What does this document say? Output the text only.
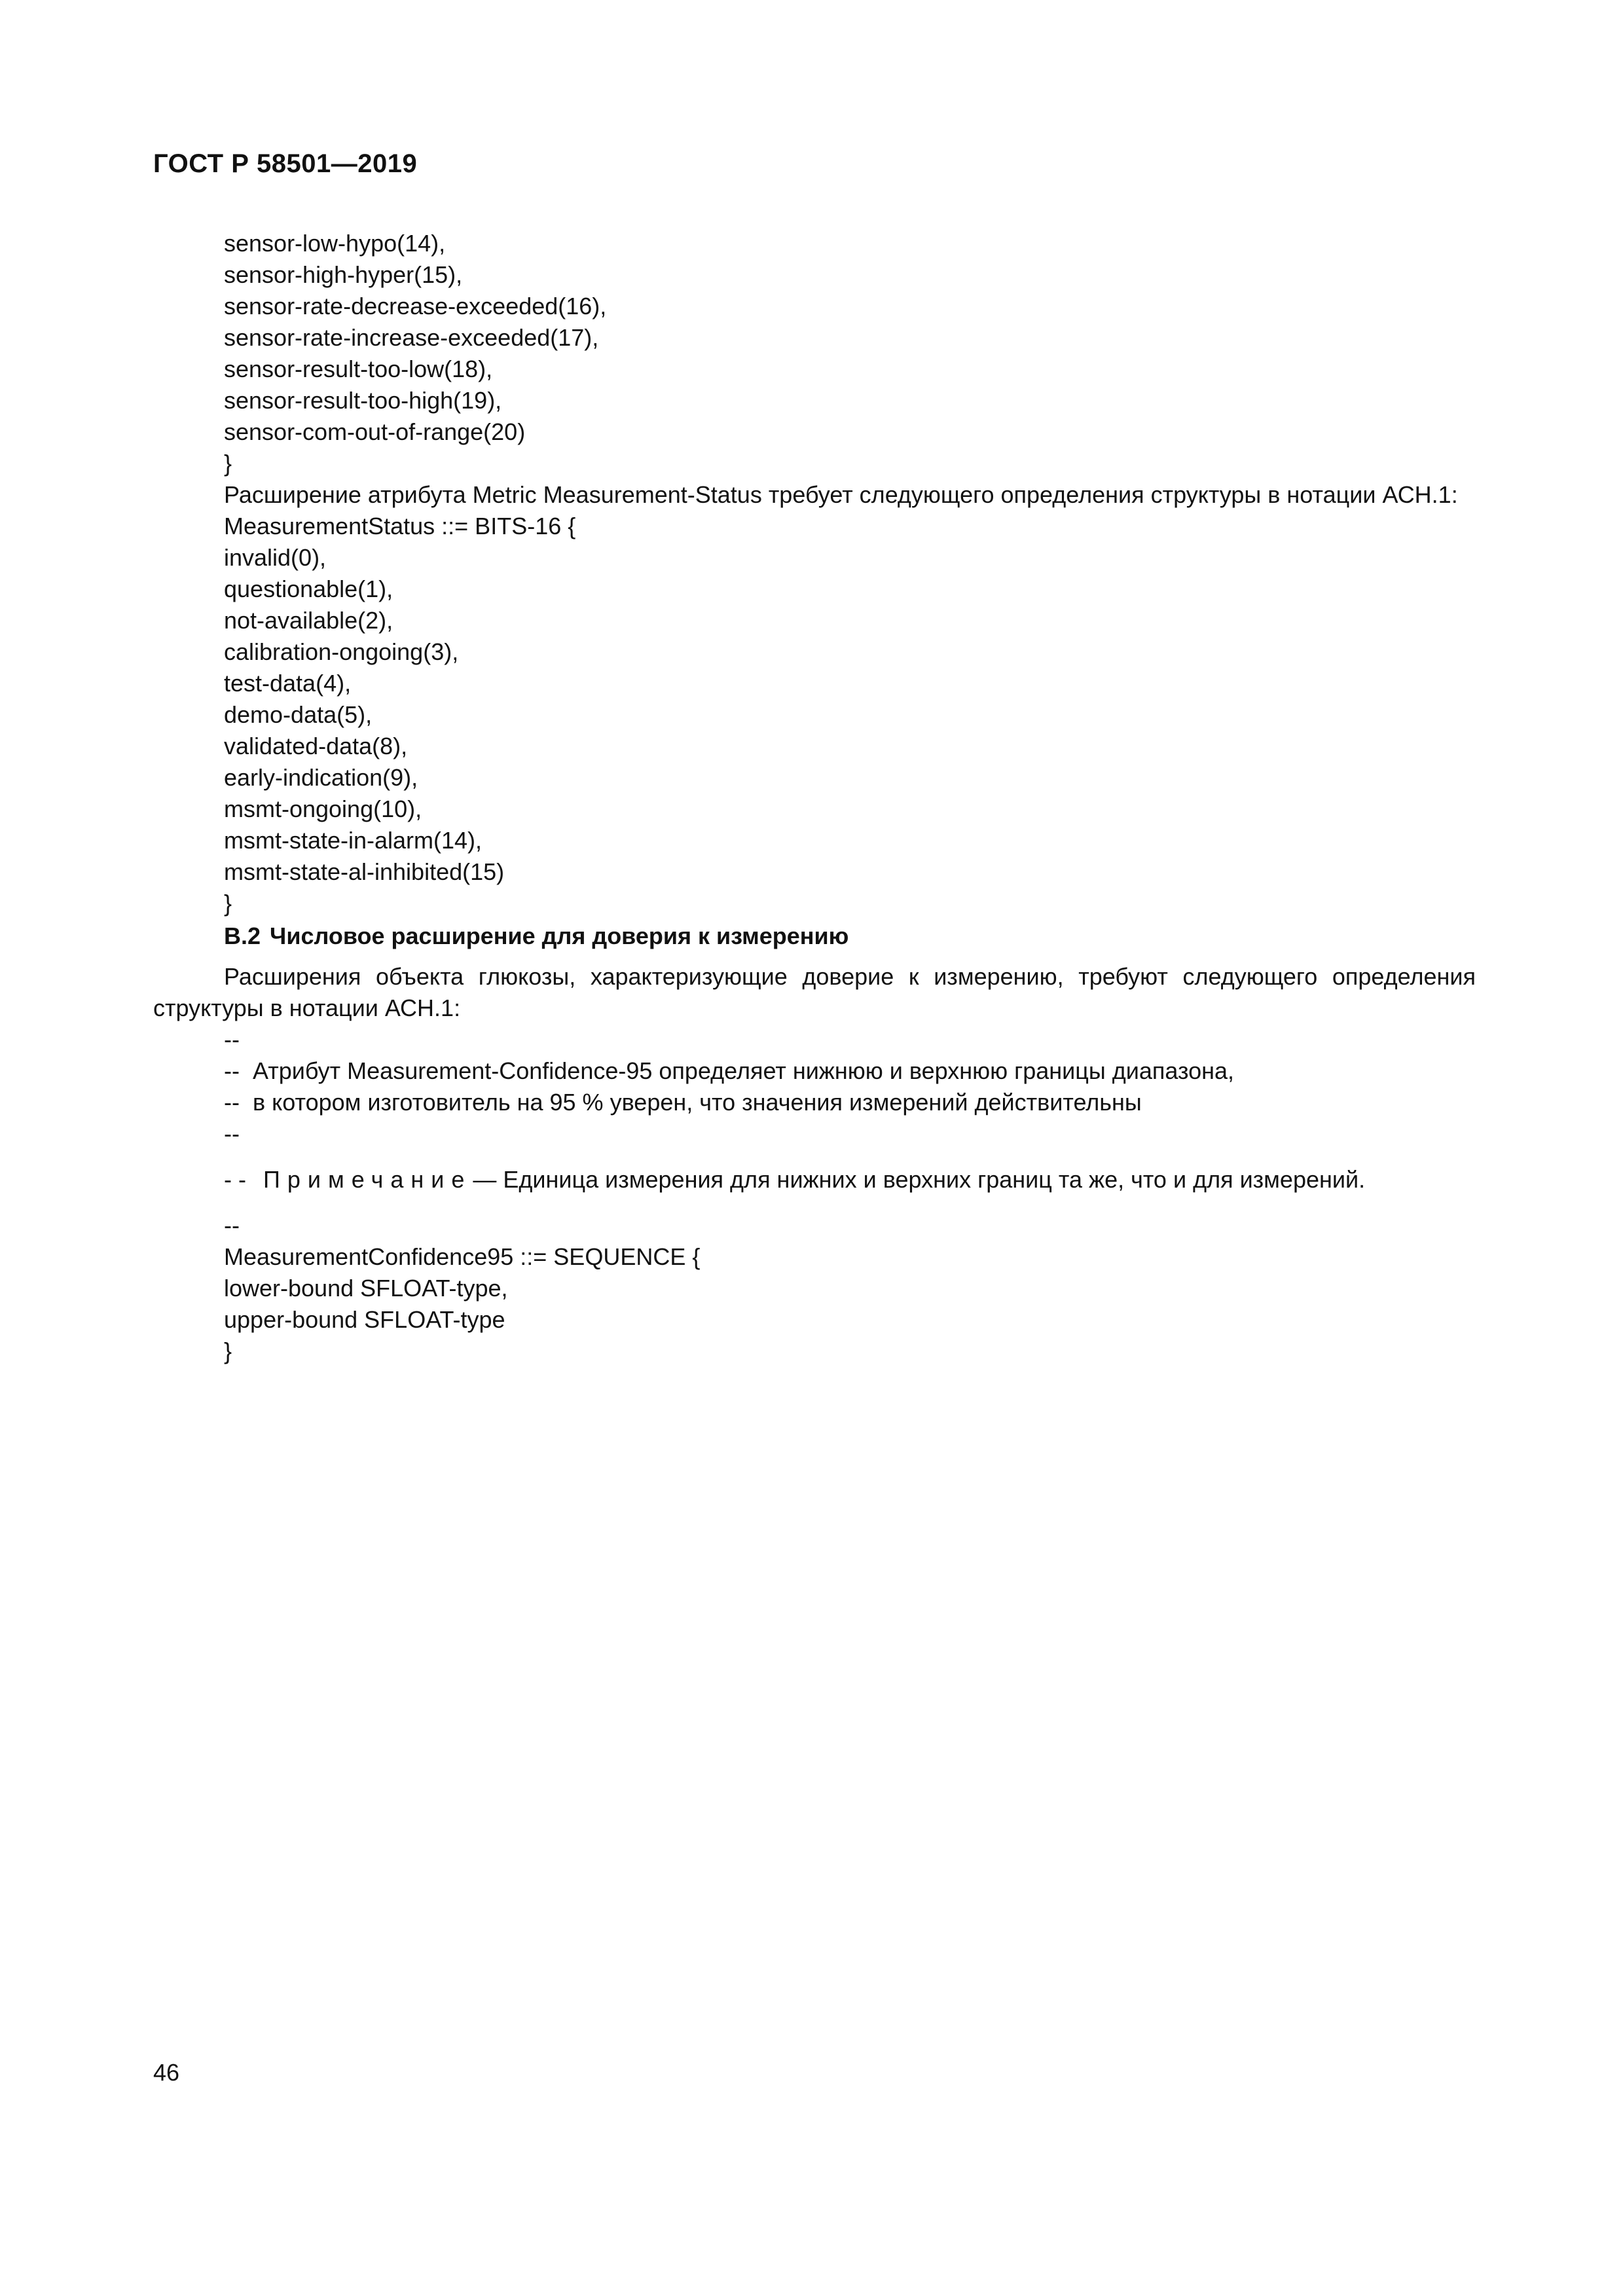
ГОСТ Р 58501—2019
sensor-low-hypo(14),
sensor-high-hyper(15),
sensor-rate-decrease-exceeded(16),
sensor-rate-increase-exceeded(17),
sensor-result-too-low(18),
sensor-result-too-high(19),
sensor-com-out-of-range(20)
}
Расширение атрибута Metric Measurement-Status требует следующего определения структуры в нотации АСН.1:
MeasurementStatus ::= BITS-16 {
invalid(0),
questionable(1),
not-available(2),
calibration-ongoing(3),
test-data(4),
demo-data(5),
validated-data(8),
early-indication(9),
msmt-ongoing(10),
msmt-state-in-alarm(14),
msmt-state-al-inhibited(15)
}
В.2 Числовое расширение для доверия к измерению
Расширения объекта глюкозы, характеризующие доверие к измерению, требуют следующего определения структуры в нотации АСН.1:
--
-- Атрибут Measurement-Confidence-95 определяет нижнюю и верхнюю границы диапазона,
-- в котором изготовитель на 95 % уверен, что значения измерений действительны
--
- - Примечание— Единица измерения для нижних и верхних границ та же, что и для измерений.
--
MeasurementConfidence95 ::= SEQUENCE {
lower-bound SFLOAT-type,
upper-bound SFLOAT-type
}
46
